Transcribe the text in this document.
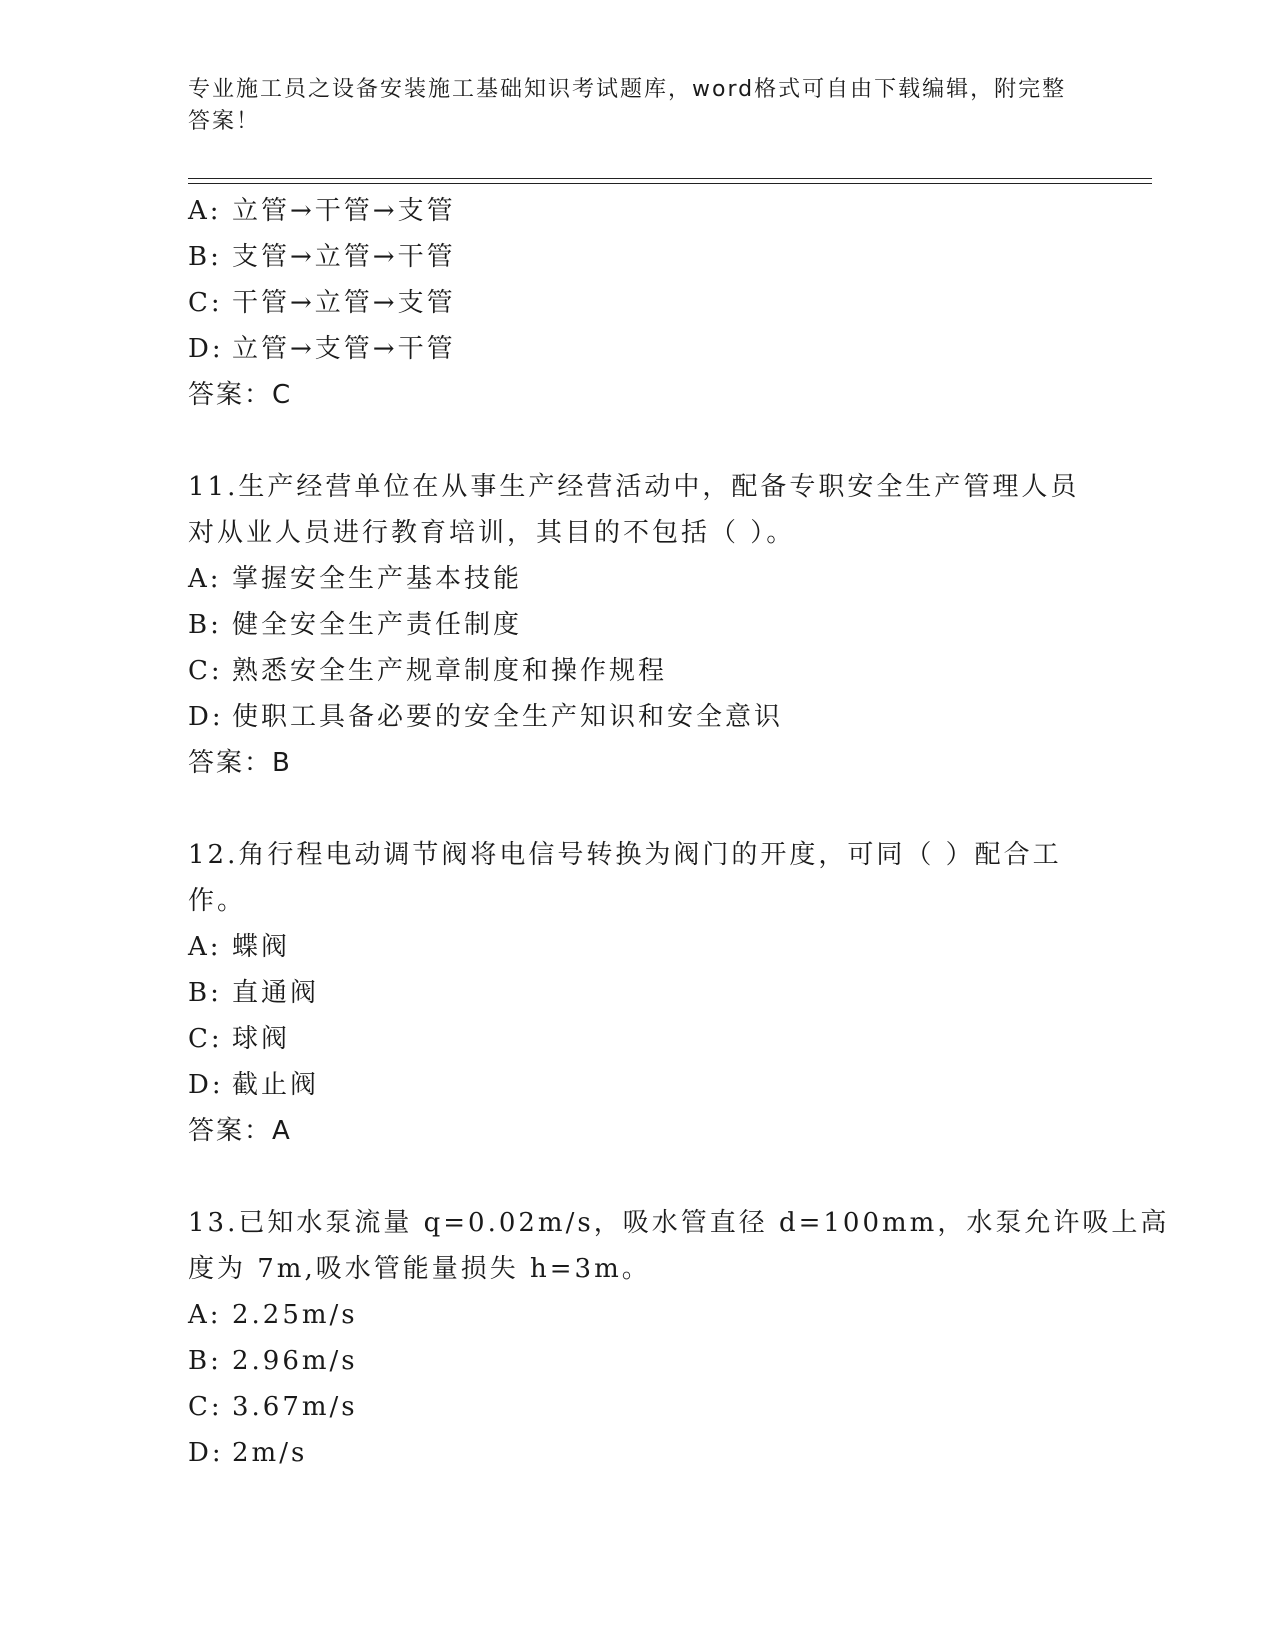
专业施工员之设备安装施工基础知识考试题库，word格式可自由下载编辑，附完整答案！
A: 立管→干管→支管
B: 支管→立管→干管
C: 干管→立管→支管
D: 立管→支管→干管
答案：C
11.生产经营单位在从事生产经营活动中，配备专职安全生产管理人员
对从业人员进行教育培训，其目的不包括（ ）。
A: 掌握安全生产基本技能
B: 健全安全生产责任制度
C: 熟悉安全生产规章制度和操作规程
D: 使职工具备必要的安全生产知识和安全意识
答案：B
12.角行程电动调节阀将电信号转换为阀门的开度，可同（ ）配合工
作。
A: 蝶阀
B: 直通阀
C: 球阀
D: 截止阀
答案：A
13.已知水泵流量 q=0.02m/s，吸水管直径 d=100mm，水泵允许吸上高
度为 7m,吸水管能量损失 h=3m。
A: 2.25m/s
B: 2.96m/s
C: 3.67m/s
D: 2m/s
